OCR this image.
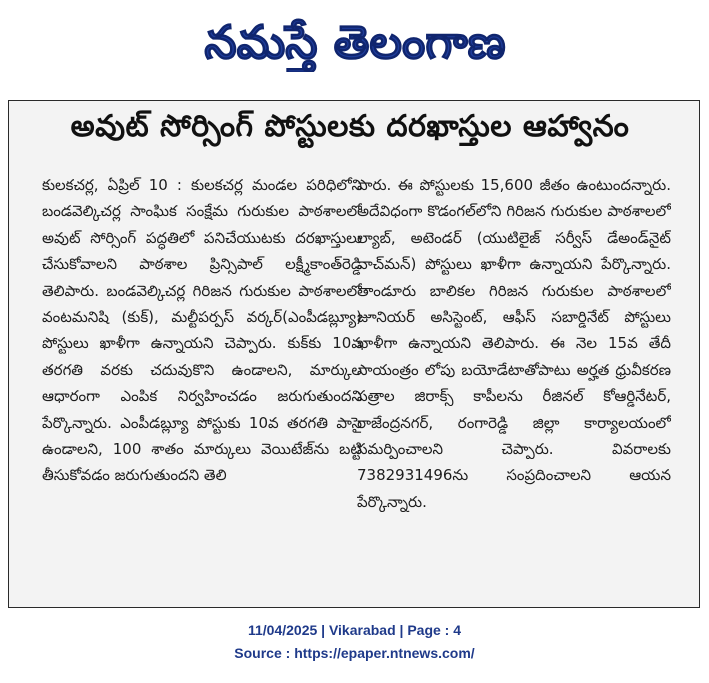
నమస్తే తెలంగాణ
అవుట్ సోర్సింగ్ పోస్టులకు దరఖాస్తుల ఆహ్వానం

కులకచర్ల, ఏప్రిల్ 10 : కులకచర్ల మండల పరిధిలోని బండవెల్కిచర్ల సాంఘిక సంక్షేమ గురుకుల పాఠశాలలో అవుట్ సోర్సింగ్ పద్ధతిలో పనిచేయుటకు దరఖాస్తులు చేసుకోవాలని పాఠశాల ప్రిన్సిపాల్ లక్ష్మీకాంత్‌రెడ్డి తెలిపారు. బండవెల్కిచర్ల గిరిజన గురుకుల పాఠశాలలో వంటమనిషి (కుక్), మల్టీపర్పస్ వర్కర్(ఎంపీడబ్ల్యూ) పోస్టులు ఖాళీగా ఉన్నాయని చెప్పారు. కుక్‌కు 10వ తరగతి వరకు చదువుకొని ఉండాలని, మార్కుల ఆధారంగా ఎంపిక నిర్వహించడం జరుగుతుందని పేర్కొన్నారు. ఎంపీడబ్ల్యూ పోస్టుకు 10వ తరగతి పాసై ఉండాలని, 100 శాతం మార్కులు వెయిటేజ్‌ను బట్టి తీసుకోవడం జరుగుతుందని తెలి

పారు. ఈ పోస్టులకు 15,600 జీతం ఉంటుందన్నారు. అదేవిధంగా కొడంగల్‌లోని గిరిజన గురుకుల పాఠశాలలో ల్యాబ్, అటెండర్ (యుటిలైజ్ సర్వీస్ డేఅండ్‌నైట్ వాచ్‌మన్) పోస్టులు ఖాళీగా ఉన్నాయని పేర్కొన్నారు. తాండూరు బాలికల గిరిజన గురుకుల పాఠశాలలో జూనియర్ అసిస్టెంట్, ఆఫీస్ సబార్డినేట్ పోస్టులు ఖాళీగా ఉన్నాయని తెలిపారు. ఈ నెల 15వ తేదీ సాయంత్రం లోపు బయోడేటాతోపాటు అర్హత ధ్రువీకరణ పత్రాల జిరాక్స్ కాపీలను రీజినల్ కోఆర్డినేటర్, రాజేంద్రనగర్, రంగారెడ్డి జిల్లా కార్యాలయంలో సమర్పించాలని చెప్పారు. వివరాలకు 7382931496ను సంప్రదించాలని ఆయన పేర్కొన్నారు.

11/04/2025 | Vikarabad | Page : 4
Source : https://epaper.ntnews.com/
